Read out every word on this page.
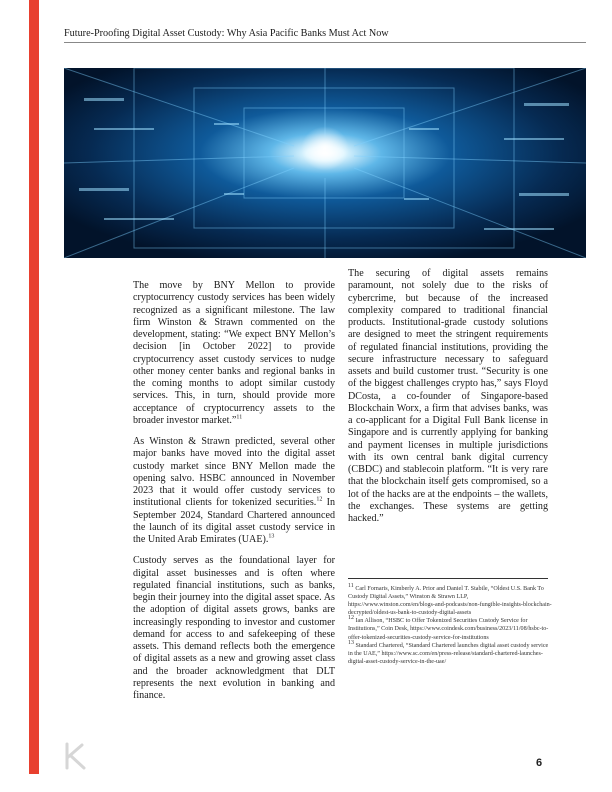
Future-Proofing Digital Asset Custody: Why Asia Pacific Banks Must Act Now

The move by BNY Mellon to provide cryptocurrency custody services has been widely recognized as a significant milestone. The law firm Winston & Strawn commented on the development, stating: “We expect BNY Mellon’s decision [in October 2022] to provide cryptocurrency asset custody services to nudge other money center banks and regional banks in the coming months to adopt similar custody services. This, in turn, should provide more acceptance of cryptocurrency assets to the broader investor market.”$^{11}$

As Winston & Strawn predicted, several other major banks have moved into the digital asset custody market since BNY Mellon made the opening salvo. HSBC announced in November 2023 that it would offer custody services to institutional clients for tokenized securities.$^{12}$ In September 2024, Standard Chartered announced the launch of its digital asset custody service in the United Arab Emirates (UAE).$^{13}$

Custody serves as the foundational layer for digital asset businesses and is often where regulated financial institutions, such as banks, begin their journey into the digital asset space. As the adoption of digital assets grows, banks are increasingly responding to investor and customer demand for access to and safekeeping of these assets. This demand reflects both the emergence of digital assets as a new and growing asset class and the broader acknowledgment that DLT represents the next evolution in banking and finance.

The securing of digital assets remains paramount, not solely due to the risks of cybercrime, but because of the increased complexity compared to traditional financial products. Institutional-grade custody solutions are designed to meet the stringent requirements of regulated financial institutions, providing the secure infrastructure necessary to safeguard assets and build customer trust. “Security is one of the biggest challenges crypto has,” says Floyd DCosta, a co-founder of Singapore-based Blockchain Worx, a firm that advises banks, was a co-applicant for a Digital Full Bank license in Singapore and is currently applying for banking and payment licenses in multiple jurisdictions with its own central bank digital currency (CBDC) and stablecoin platform. “It is very rare that the blockchain itself gets compromised, so a lot of the hacks are at the endpoints – the wallets, the exchanges. These systems are getting hacked.”

$^{11}$ Carl Fornaris, Kimberly A. Prior and Daniel T. Stabile, “Oldest U.S. Bank To Custody Digital Assets,” Winston & Strawn LLP, https://www.winston.com/en/blogs-and-podcasts/non-fungible-insights-blockchain-decrypted/oldest-us-bank-to-custody-digital-assets

$^{12}$ Ian Allison, “HSBC to Offer Tokenized Securities Custody Service for Institutions,” Coin Desk, https://www.coindesk.com/business/2023/11/08/hsbc-to-offer-tokenized-securities-custody-service-for-institutions

$^{13}$ Standard Chartered, “Standard Chartered launches digital asset custody service in the UAE,” https://www.sc.com/en/press-release/standard-chartered-launches-digital-asset-custody-service-in-the-uae/

6
